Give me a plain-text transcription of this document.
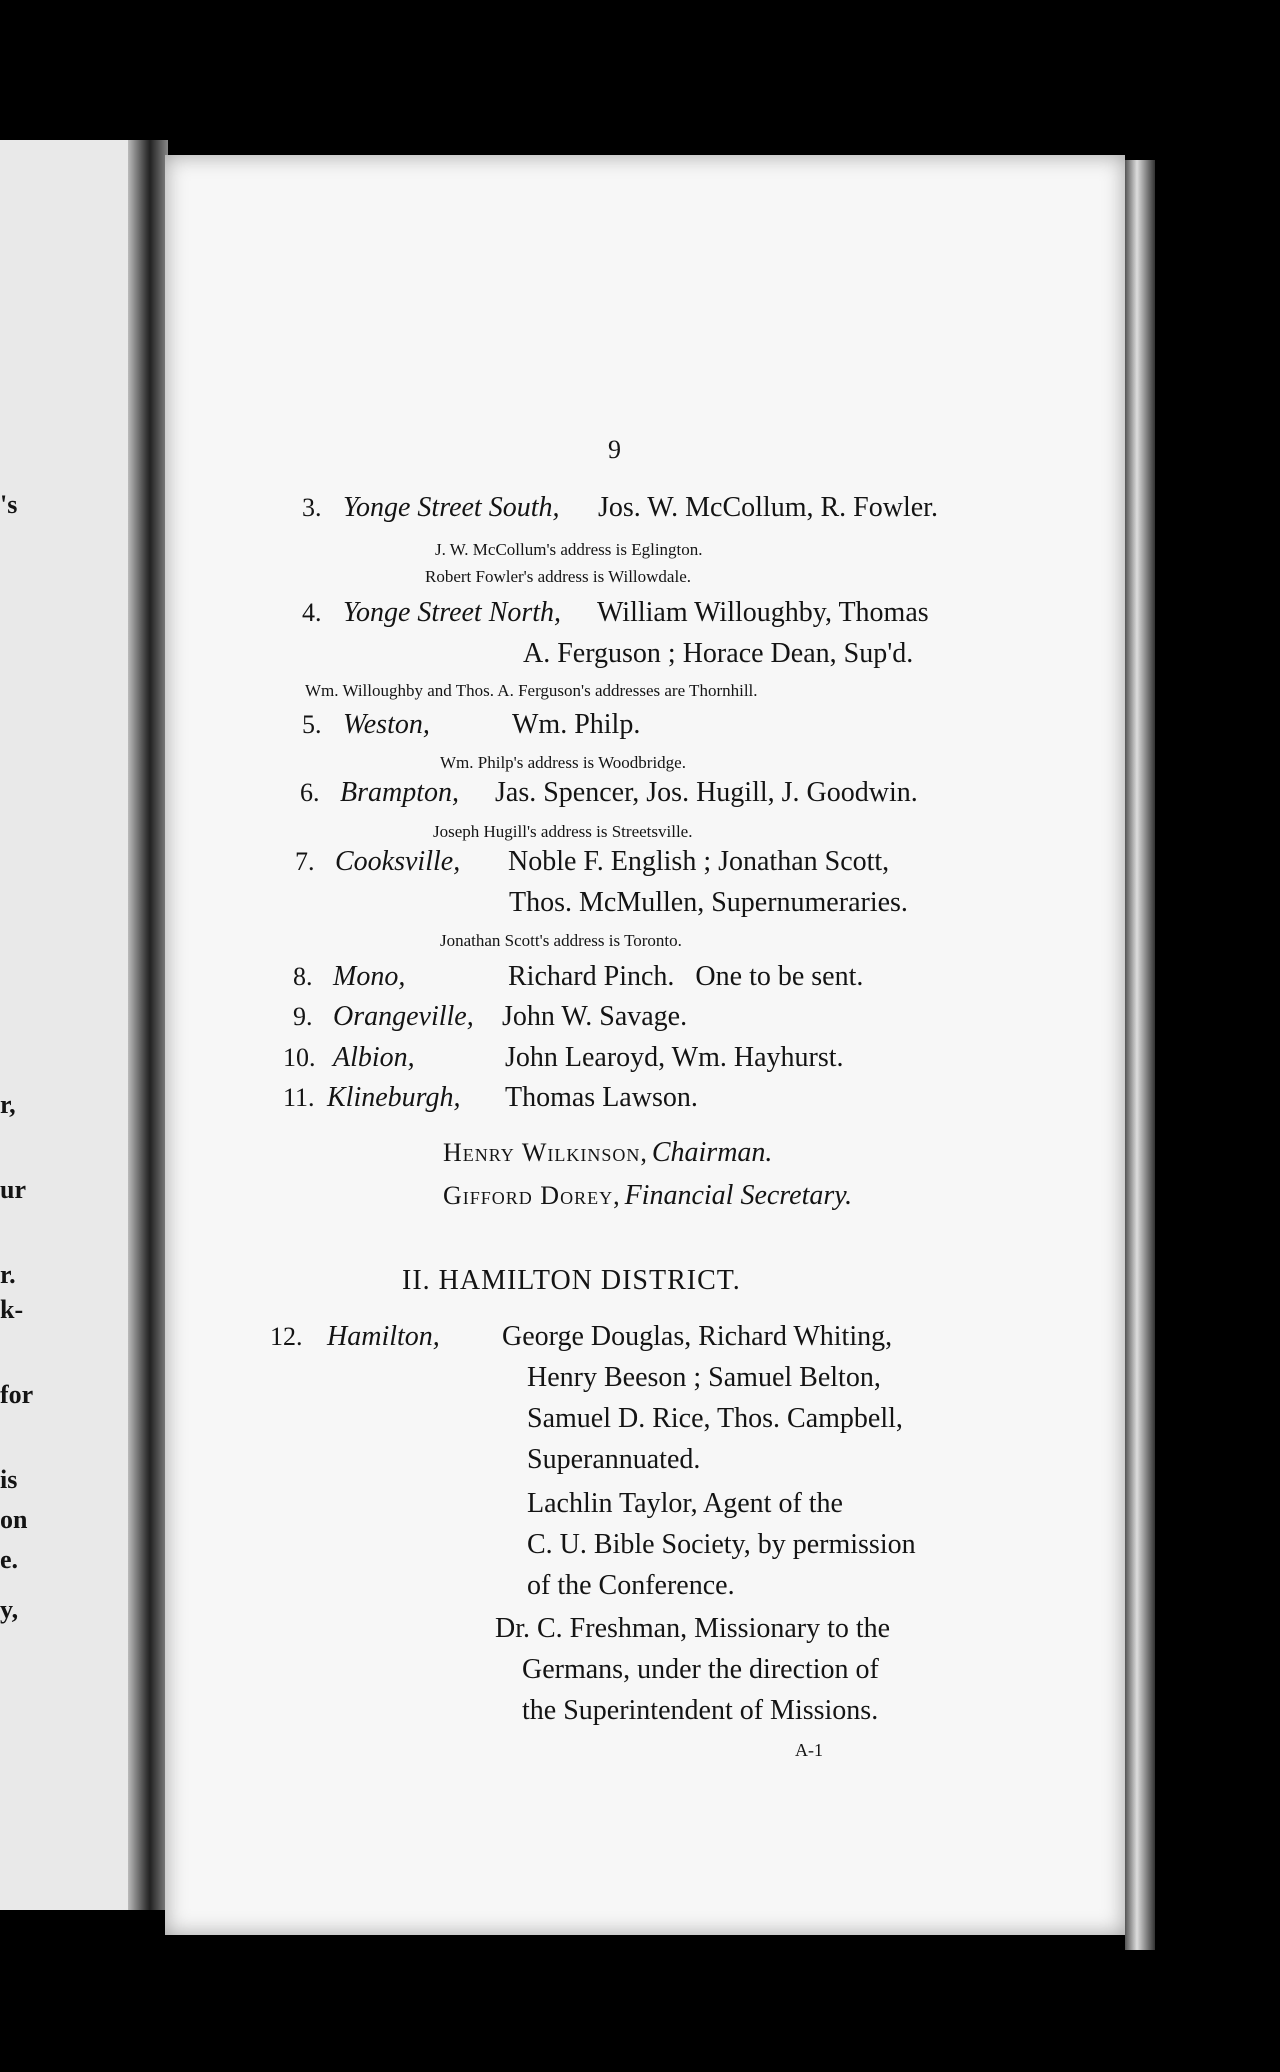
's
r,
ur
r.
k-
for
is
on
e.
y,
9
3. Yonge Street South, Jos. W. McCollum, R. Fowler.
J. W. McCollum's address is Eglington.
Robert Fowler's address is Willowdale.
4. Yonge Street North, William Willoughby, Thomas
A. Ferguson ; Horace Dean, Sup'd.
Wm. Willoughby and Thos. A. Ferguson's addresses are Thornhill.
5. Weston,	Wm. Philp.
Wm. Philp's address is Woodbridge.
6. Brampton, Jas. Spencer, Jos. Hugill, J. Goodwin.
Joseph Hugill's address is Streetsville.
7. Cooksville, Noble F. English ; Jonathan Scott,
Thos. McMullen, Supernumeraries.
Jonathan Scott's address is Toronto.
8. Mono,	Richard Pinch.   One to be sent.
9. Orangeville, John W. Savage.
10. Albion,	John Learoyd, Wm. Hayhurst.
11. Klineburgh, Thomas Lawson.
Henry Wilkinson, Chairman.
Gifford Dorey, Financial Secretary.
II. HAMILTON DISTRICT.
12. Hamilton, George Douglas, Richard Whiting,
Henry Beeson ; Samuel Belton,
Samuel D. Rice, Thos. Campbell,
Superannuated.
Lachlin Taylor, Agent of the
C. U. Bible Society, by permission
of the Conference.
Dr. C. Freshman, Missionary to the
Germans, under the direction of
the Superintendent of Missions.
A-1
